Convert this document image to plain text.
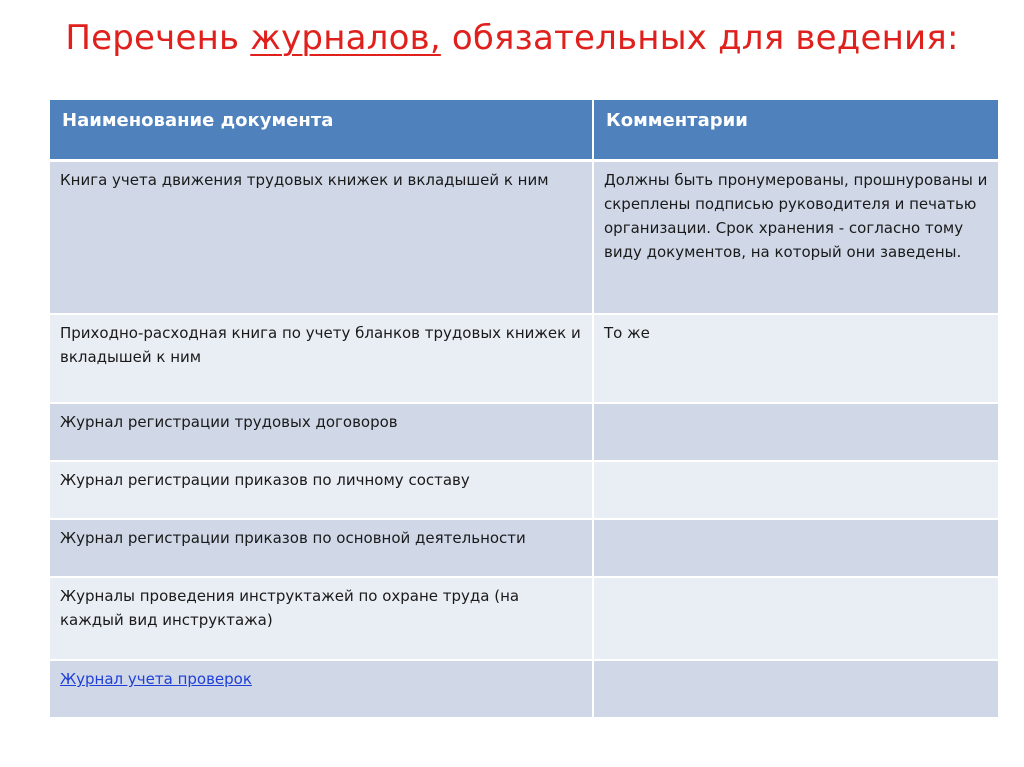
Перечень журналов, обязательных для ведения:
Наименование документа	Комментарии
Книга учета движения трудовых книжек и вкладышей к ним	Должны быть пронумерованы, прошнурованы и скреплены подписью руководителя и печатью организации. Срок хранения - согласно тому виду документов, на который они заведены.
Приходно-расходная книга по учету бланков трудовых книжек и вкладышей к ним	То же
Журнал регистрации трудовых договоров	
Журнал регистрации приказов по личному составу	
Журнал регистрации приказов по основной деятельности	
Журналы проведения инструктажей по охране труда (на каждый вид инструктажа)	
Журнал учета проверок	
